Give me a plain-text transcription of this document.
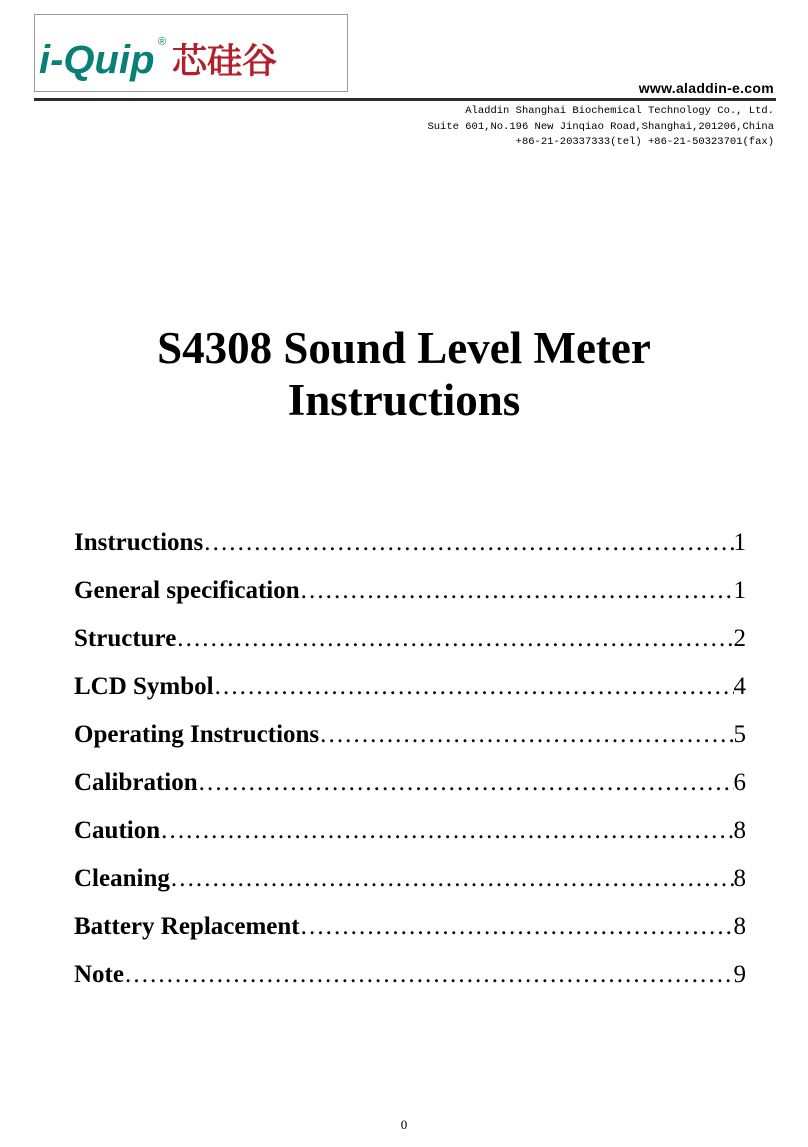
i-Quip ® 芯硅谷
www.aladdin-e.com
Aladdin Shanghai Biochemical Technology Co., Ltd.
Suite 601,No.196 New Jinqiao Road,Shanghai,201206,China
+86-21-20337333(tel) +86-21-50323701(fax)
S4308 Sound Level Meter
Instructions
Instructions ……………………………………………………………………………………………………………………………………………………	1
General specification ……………………………………………………………………………………………………………………………………………………	1
Structure ……………………………………………………………………………………………………………………………………………………	2
LCD Symbol ……………………………………………………………………………………………………………………………………………………	4
Operating Instructions ……………………………………………………………………………………………………………………………………………………	5
Calibration ……………………………………………………………………………………………………………………………………………………	6
Caution ……………………………………………………………………………………………………………………………………………………	8
Cleaning ……………………………………………………………………………………………………………………………………………………	8
Battery Replacement ……………………………………………………………………………………………………………………………………………………	8
Note ……………………………………………………………………………………………………………………………………………………	9
0
